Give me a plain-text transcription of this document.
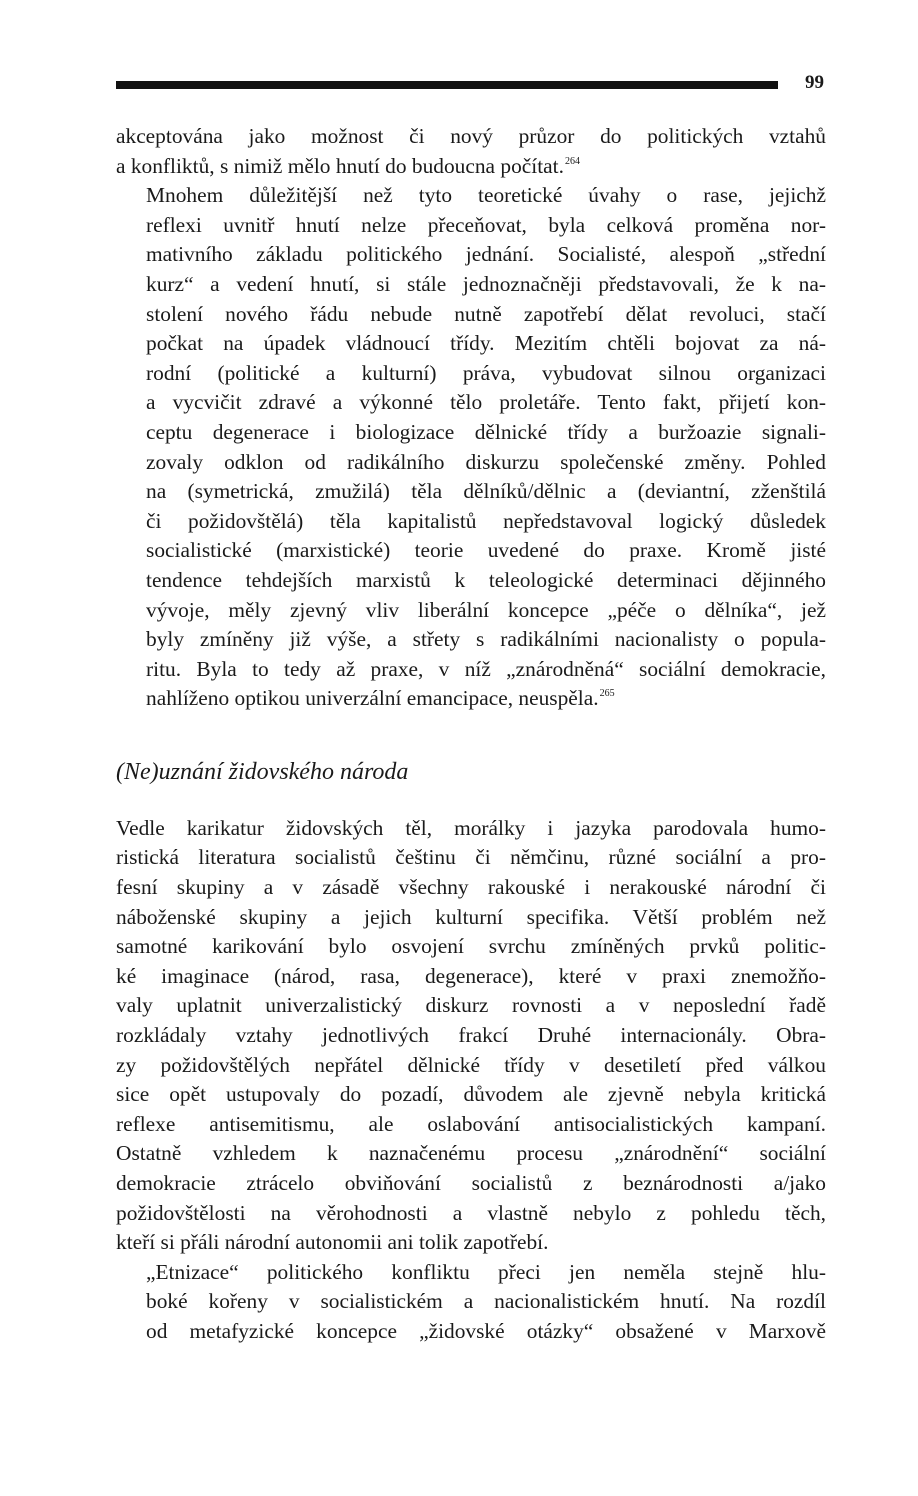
99

akceptována jako možnost či nový průzor do politických vztahů
a konfliktů, s nimiž mělo hnutí do budoucna počítat.$^{264}$

Mnohem důležitější než tyto teoretické úvahy o rase, jejichž
reflexi uvnitř hnutí nelze přeceňovat, byla celková proměna nor-
mativního základu politického jednání. Socialisté, alespoň „střední
kurz“ a vedení hnutí, si stále jednoznačněji představovali, že k na-
stolení nového řádu nebude nutně zapotřebí dělat revoluci, stačí
počkat na úpadek vládnoucí třídy. Mezitím chtěli bojovat za ná-
rodní (politické a kulturní) práva, vybudovat silnou organizaci
a vycvičit zdravé a výkonné tělo proletáře. Tento fakt, přijetí kon-
ceptu degenerace i biologizace dělnické třídy a buržoazie signali-
zovaly odklon od radikálního diskurzu společenské změny. Pohled
na (symetrická, zmužilá) těla dělníků/dělnic a (deviantní, zženštilá
či požidovštělá) těla kapitalistů nepředstavoval logický důsledek
socialistické (marxistické) teorie uvedené do praxe. Kromě jisté
tendence tehdejších marxistů k teleologické determinaci dějinného
vývoje, měly zjevný vliv liberální koncepce „péče o dělníka“, jež
byly zmíněny již výše, a střety s radikálními nacionalisty o popula-
ritu. Byla to tedy až praxe, v níž „znárodněná“ sociální demokracie,
nahlíženo optikou univerzální emancipace, neuspěla.$^{265}$

(Ne)uznání židovského národa

Vedle karikatur židovských těl, morálky i jazyka parodovala humo-
ristická literatura socialistů češtinu či němčinu, různé sociální a pro-
fesní skupiny a v zásadě všechny rakouské i nerakouské národní či
náboženské skupiny a jejich kulturní specifika. Větší problém než
samotné karikování bylo osvojení svrchu zmíněných prvků politic-
ké imaginace (národ, rasa, degenerace), které v praxi znemožňo-
valy uplatnit univerzalistický diskurz rovnosti a v neposlední řadě
rozkládaly vztahy jednotlivých frakcí Druhé internacionály. Obra-
zy požidovštělých nepřátel dělnické třídy v desetiletí před válkou
sice opět ustupovaly do pozadí, důvodem ale zjevně nebyla kritická
reflexe antisemitismu, ale oslabování antisocialistických kampaní.
Ostatně vzhledem k naznačenému procesu „znárodnění“ sociální
demokracie ztrácelo obviňování socialistů z beznárodnosti a/jako
požidovštělosti na věrohodnosti a vlastně nebylo z pohledu těch,
kteří si přáli národní autonomii ani tolik zapotřebí.

„Etnizace“ politického konfliktu přeci jen neměla stejně hlu-
boké kořeny v socialistickém a nacionalistickém hnutí. Na rozdíl
od metafyzické koncepce „židovské otázky“ obsažené v Marxově
